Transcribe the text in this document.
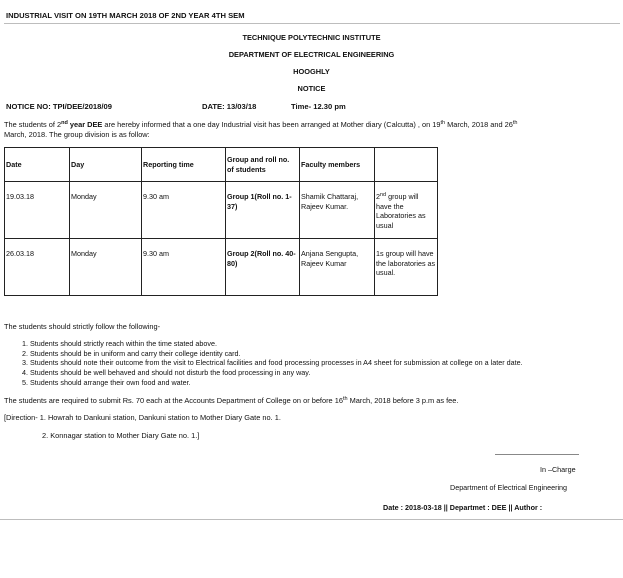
INDUSTRIAL VISIT ON 19TH MARCH 2018 OF 2ND YEAR 4TH SEM
TECHNIQUE POLYTECHNIC INSTITUTE
DEPARTMENT OF ELECTRICAL ENGINEERING
HOOGHLY
NOTICE
NOTICE NO: TPI/DEE/2018/09	DATE: 13/03/18	Time- 12.30 pm
The students of 2nd year DEE are hereby informed that a one day Industrial visit has been arranged at Mother diary (Calcutta) , on 19th March, 2018 and 26th
March, 2018. The group division is as follow:
Date	Day	Reporting time	Group and roll no. of students	Faculty members	
19.03.18	Monday	9.30 am	Group 1(Roll no. 1-37)	Shamik Chattaraj, Rajeev Kumar.	2nd group will have the Laboratories as usual
26.03.18	Monday	9.30 am	Group 2(Roll no. 40- 80)	Anjana Sengupta, Rajeev Kumar	1s group will have the laboratories as usual.
The students should strictly follow the following-
1. Students should strictly reach within the time stated above.
2. Students should be in uniform and carry their college identity card.
3. Students should note their outcome from the visit to Electrical facilities and food processing processes in A4 sheet for submission at college on a later date.
4. Students should be well behaved and should not disturb the food processing in any way.
5. Students should arrange their own food and water.
The students are required to submit Rs. 70 each at the Accounts Department of College on or before 16th March, 2018 before 3 p.m as fee.
[Direction- 1. Howrah to Dankuni station, Dankuni station to Mother Diary Gate no. 1.
2. Konnagar station to Mother Diary Gate no. 1.]
In –Charge
Department of Electrical Engineering
Date : 2018-03-18 || Departmet : DEE || Author :
